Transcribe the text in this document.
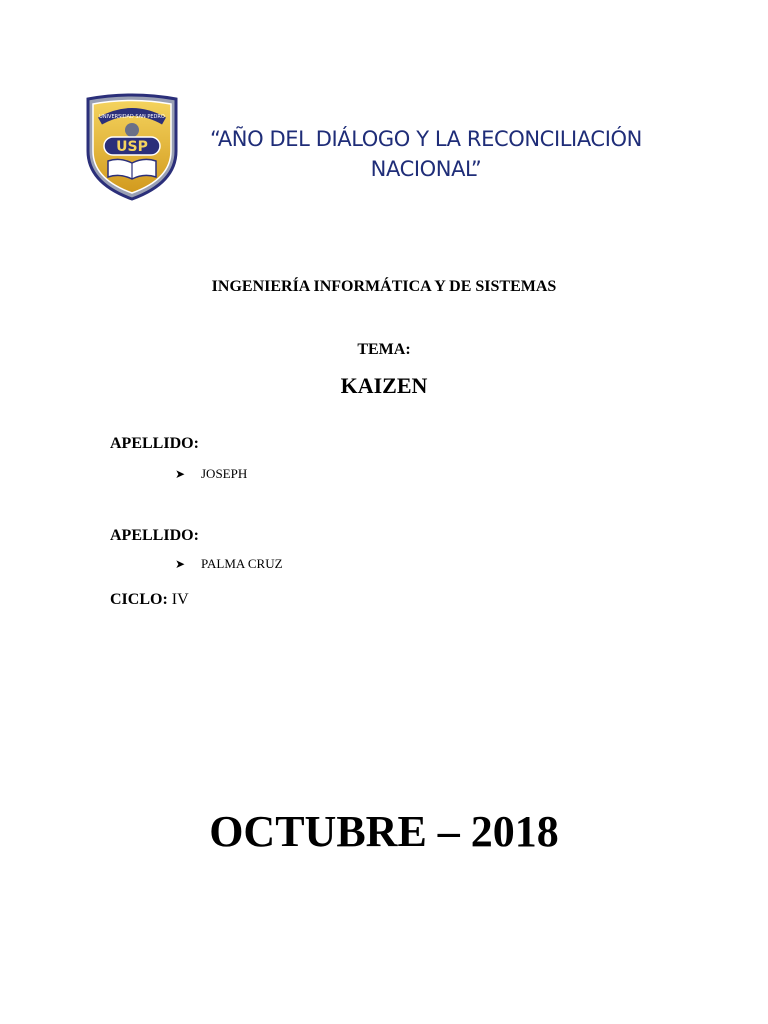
UNIVERSIDAD SAN PEDRO
USP	“AÑO DEL DIÁLOGO Y LA RECONCILIACIÓN
NACIONAL”
INGENIERÍA INFORMÁTICA Y DE SISTEMAS
TEMA:
KAIZEN
APELLIDO:
➤	JOSEPH
APELLIDO:
➤	PALMA CRUZ
CICLO: IV
OCTUBRE – 2018
